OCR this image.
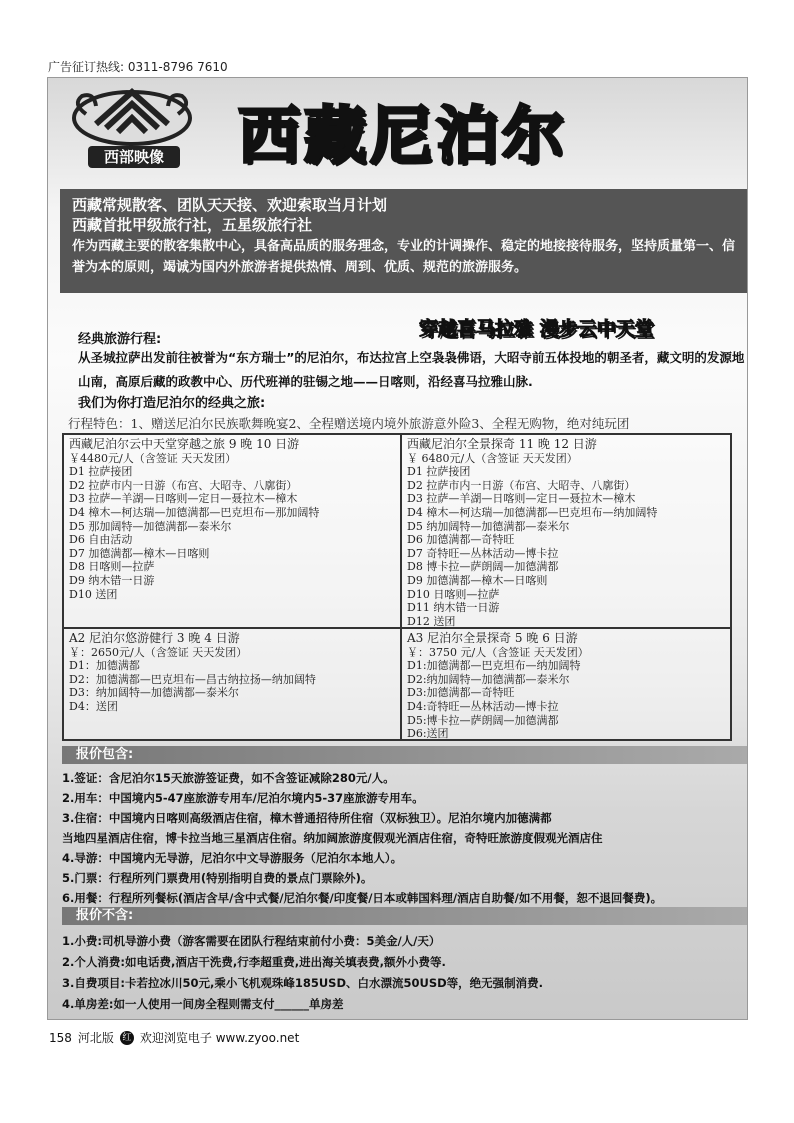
广告征订热线: 0311-8796 7610
西部映像 西藏尼泊尔
西藏常规散客、团队天天接、欢迎索取当月计划
西藏首批甲级旅行社，五星级旅行社
作为西藏主要的散客集散中心，具备高品质的服务理念，专业的计调操作、稳定的地接接待服务，坚持质量第一、信誉为本的原则，竭诚为国内外旅游者提供热情、周到、优质、规范的旅游服务。
穿越喜马拉雅 漫步云中天堂
经典旅游行程:
从圣城拉萨出发前往被誉为“东方瑞士”的尼泊尔，布达拉宫上空袅袅佛语，大昭寺前五体投地的朝圣者，藏文明的发源地山南，高原后藏的政教中心、历代班禅的驻锡之地——日喀则，沿经喜马拉雅山脉.
我们为你打造尼泊尔的经典之旅:
行程特色：1、赠送尼泊尔民族歌舞晚宴2、全程赠送境内境外旅游意外险3、全程无购物，绝对纯玩团
西藏尼泊尔云中天堂穿越之旅 9 晚 10 日游
￥4480元/人（含签证 天天发团）
D1 拉萨接团
D2 拉萨市内一日游（布宫、大昭寺、八廓街）
D3 拉萨—羊湖—日喀则—定日—聂拉木—樟木
D4 樟木—柯达瑞—加德满都—巴克坦布—那加阔特
D5 那加阔特—加德满都—泰米尔
D6 自由活动
D7 加德满都—樟木—日喀则
D8 日喀则—拉萨
D9 纳木错一日游
D10 送团
西藏尼泊尔全景探奇 11 晚 12 日游
￥ 6480元/人（含签证 天天发团）
D1 拉萨接团
D2 拉萨市内一日游（布宫、大昭寺、八廓街）
D3 拉萨—羊湖—日喀则—定日—聂拉木—樟木
D4 樟木—柯达瑞—加德满都—巴克坦布—纳加阔特
D5 纳加阔特—加德满都—泰米尔
D6 加德满都—奇特旺
D7 奇特旺—丛林活动—博卡拉
D8 博卡拉—萨朗阔—加德满都
D9 加德满都—樟木—日喀则
D10 日喀则—拉萨
D11 纳木错一日游
D12 送团
A2 尼泊尔悠游健行 3 晚 4 日游
￥：2650元/人（含签证 天天发团）
D1：加德满都
D2：加德满都—巴克坦布—昌古纳拉扬—纳加阔特
D3：纳加阔特—加德满都—泰米尔
D4：送团
A3 尼泊尔全景探奇 5 晚 6 日游
￥：3750 元/人（含签证 天天发团）
D1:加德满都—巴克坦布—纳加阔特
D2:纳加阔特—加德满都—泰米尔
D3:加德满都—奇特旺
D4:奇特旺—丛林活动—博卡拉
D5:博卡拉—萨朗阔—加德满都
D6:送团
报价包含:
1.签证：含尼泊尔15天旅游签证费，如不含签证减除280元/人。
2.用车：中国境内5-47座旅游专用车/尼泊尔境内5-37座旅游专用车。
3.住宿：中国境内日喀则高级酒店住宿，樟木普通招待所住宿（双标独卫）。尼泊尔境内加德满都
当地四星酒店住宿，博卡拉当地三星酒店住宿。纳加阔旅游度假观光酒店住宿，奇特旺旅游度假观光酒店住
4.导游：中国境内无导游，尼泊尔中文导游服务（尼泊尔本地人）。
5.门票：行程所列门票费用(特别指明自费的景点门票除外)。
6.用餐：行程所列餐标(酒店含早/含中式餐/尼泊尔餐/印度餐/日本或韩国料理/酒店自助餐/如不用餐，恕不退回餐费)。
报价不含:
1.小费:司机导游小费（游客需要在团队行程结束前付小费：5美金/人/天）
2.个人消费:如电话费,酒店干洗费,行李超重费,进出海关填表费,额外小费等.
3.自费项目:卡若拉冰川50元,乘小飞机观珠峰185USD、白水漂流50USD等，绝无强制消费.
4.单房差:如一人使用一间房全程则需支付______单房差
158 河北版 红 欢迎浏览电子 www.zyoo.net
